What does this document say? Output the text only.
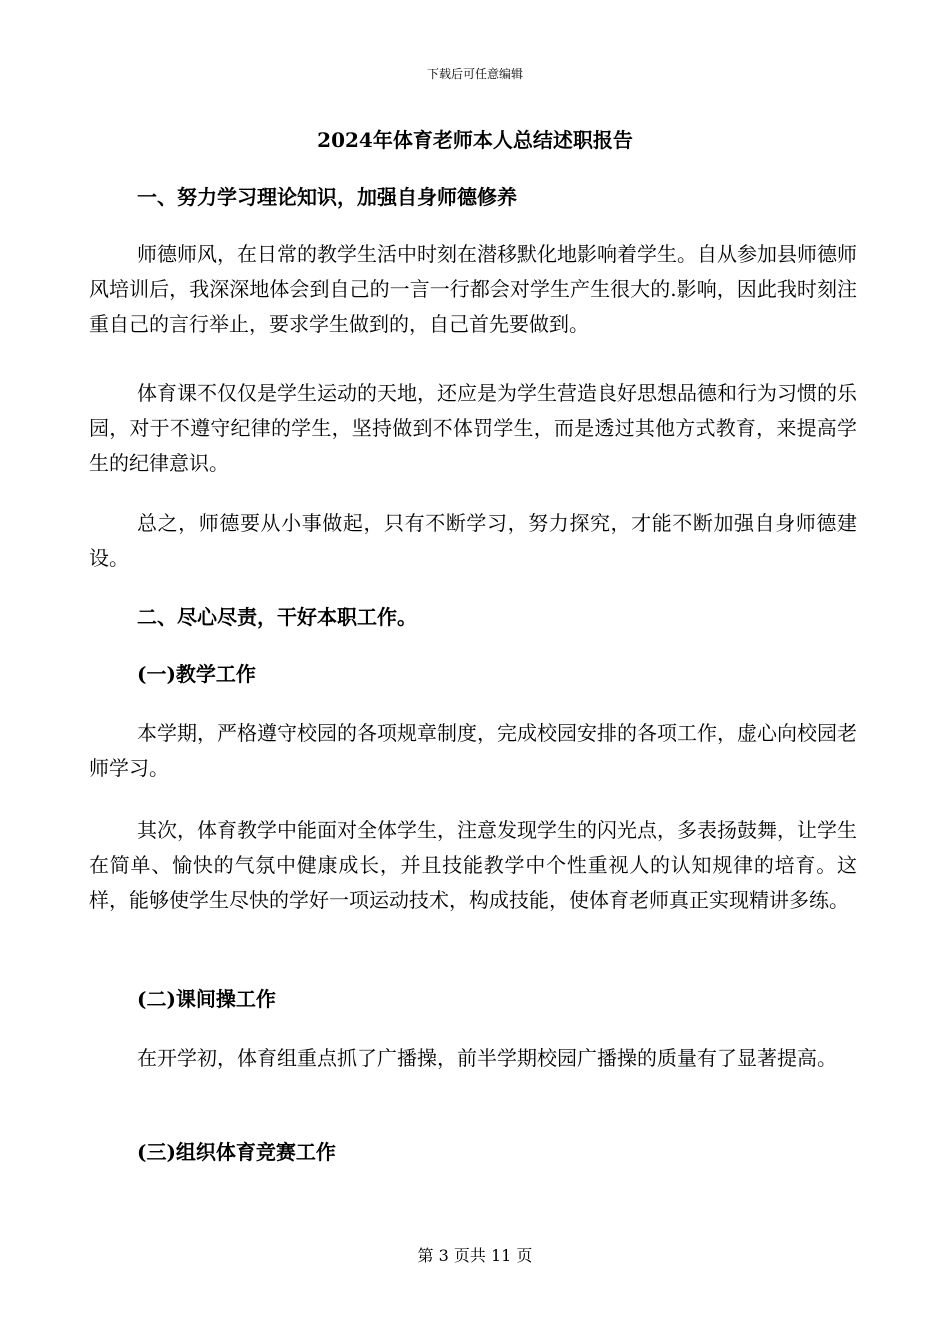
下载后可任意编辑
2024年体育老师本人总结述职报告
一、努力学习理论知识，加强自身师德修养

师德师风，在日常的教学生活中时刻在潜移默化地影响着学生。自从参加县师德师风培训后，我深深地体会到自己的一言一行都会对学生产生很大的.影响，因此我时刻注重自己的言行举止，要求学生做到的，自己首先要做到。

体育课不仅仅是学生运动的天地，还应是为学生营造良好思想品德和行为习惯的乐园，对于不遵守纪律的学生，坚持做到不体罚学生，而是透过其他方式教育，来提高学生的纪律意识。

总之，师德要从小事做起，只有不断学习，努力探究，才能不断加强自身师德建设。

二、尽心尽责，干好本职工作。
(一)教学工作

本学期，严格遵守校园的各项规章制度，完成校园安排的各项工作，虚心向校园老师学习。

其次，体育教学中能面对全体学生，注意发现学生的闪光点，多表扬鼓舞，让学生在简单、愉快的气氛中健康成长，并且技能教学中个性重视人的认知规律的培育。这样，能够使学生尽快的学好一项运动技术，构成技能，使体育老师真正实现精讲多练。

(二)课间操工作

在开学初，体育组重点抓了广播操，前半学期校园广播操的质量有了显著提高。

(三)组织体育竞赛工作
第 3 页共 11 页
